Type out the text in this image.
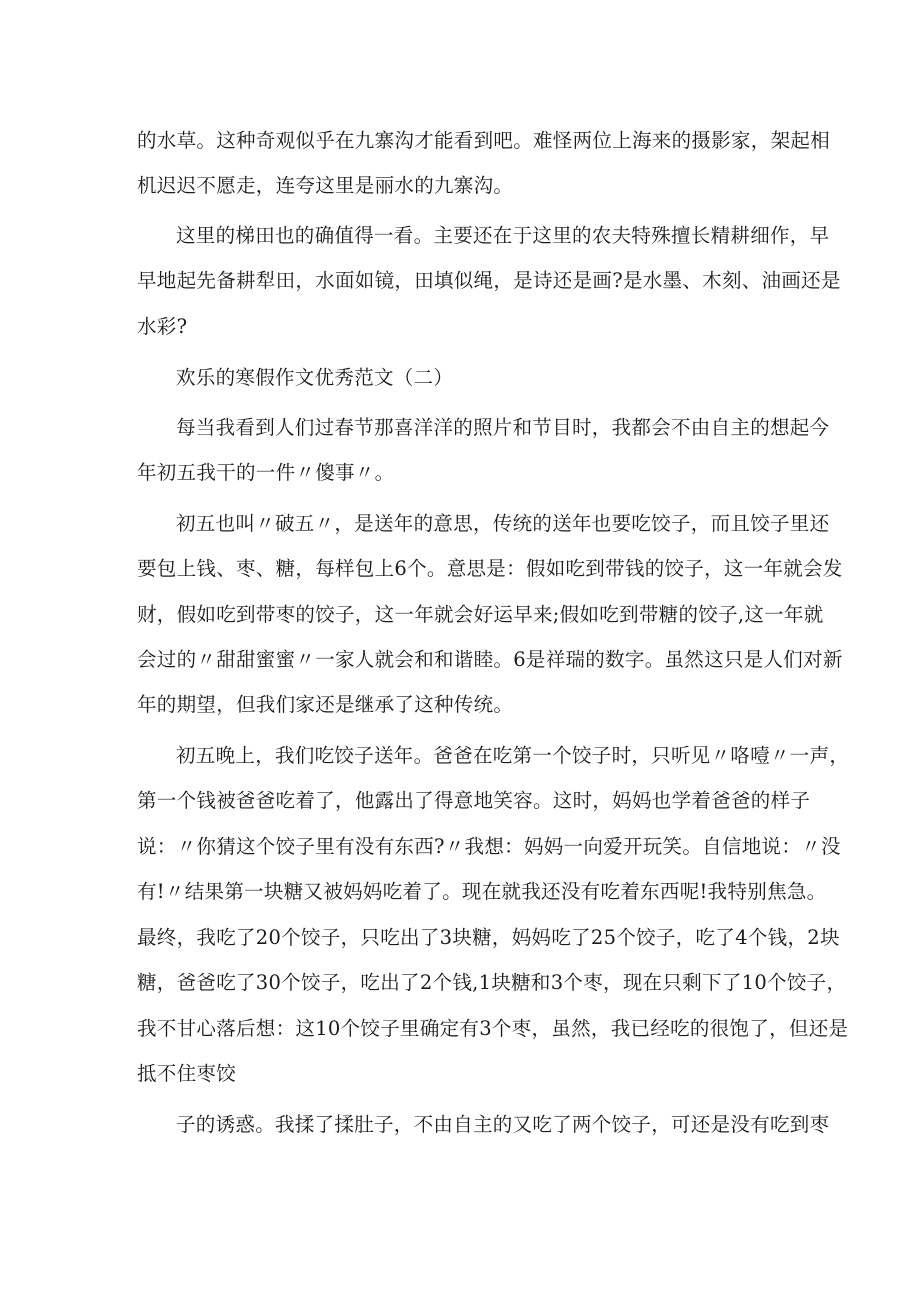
的水草。这种奇观似乎在九寨沟才能看到吧。难怪两位上海来的摄影家，架起相

机迟迟不愿走，连夸这里是丽水的九寨沟。

这里的梯田也的确值得一看。主要还在于这里的农夫特殊擅长精耕细作，早

早地起先备耕犁田，水面如镜，田填似绳，是诗还是画?是水墨、木刻、油画还是

水彩?

欢乐的寒假作文优秀范文（二）

每当我看到人们过春节那喜洋洋的照片和节目时，我都会不由自主的想起今

年初五我干的一件〃傻事〃。

初五也叫〃破五〃，是送年的意思，传统的送年也要吃饺子，而且饺子里还

要包上钱、枣、糖，每样包上6个。意思是：假如吃到带钱的饺子，这一年就会发

财，假如吃到带枣的饺子，这一年就会好运早来;假如吃到带糖的饺子,这一年就

会过的〃甜甜蜜蜜〃一家人就会和和谐睦。6是祥瑞的数字。虽然这只是人们对新

年的期望，但我们家还是继承了这种传统。

初五晚上，我们吃饺子送年。爸爸在吃第一个饺子时，只听见〃咯噎〃一声，

第一个钱被爸爸吃着了，他露出了得意地笑容。这时，妈妈也学着爸爸的样子

说：〃你猜这个饺子里有没有东西?〃我想：妈妈一向爱开玩笑。自信地说：〃没

有!〃结果第一块糖又被妈妈吃着了。现在就我还没有吃着东西呢!我特别焦急。

最终，我吃了20个饺子，只吃出了3块糖，妈妈吃了25个饺子，吃了4个钱，2块

糖，爸爸吃了30个饺子，吃出了2个钱,1块糖和3个枣，现在只剩下了10个饺子，

我不甘心落后想：这10个饺子里确定有3个枣，虽然，我已经吃的很饱了，但还是

抵不住枣饺

子的诱惑。我揉了揉肚子，不由自主的又吃了两个饺子，可还是没有吃到枣
